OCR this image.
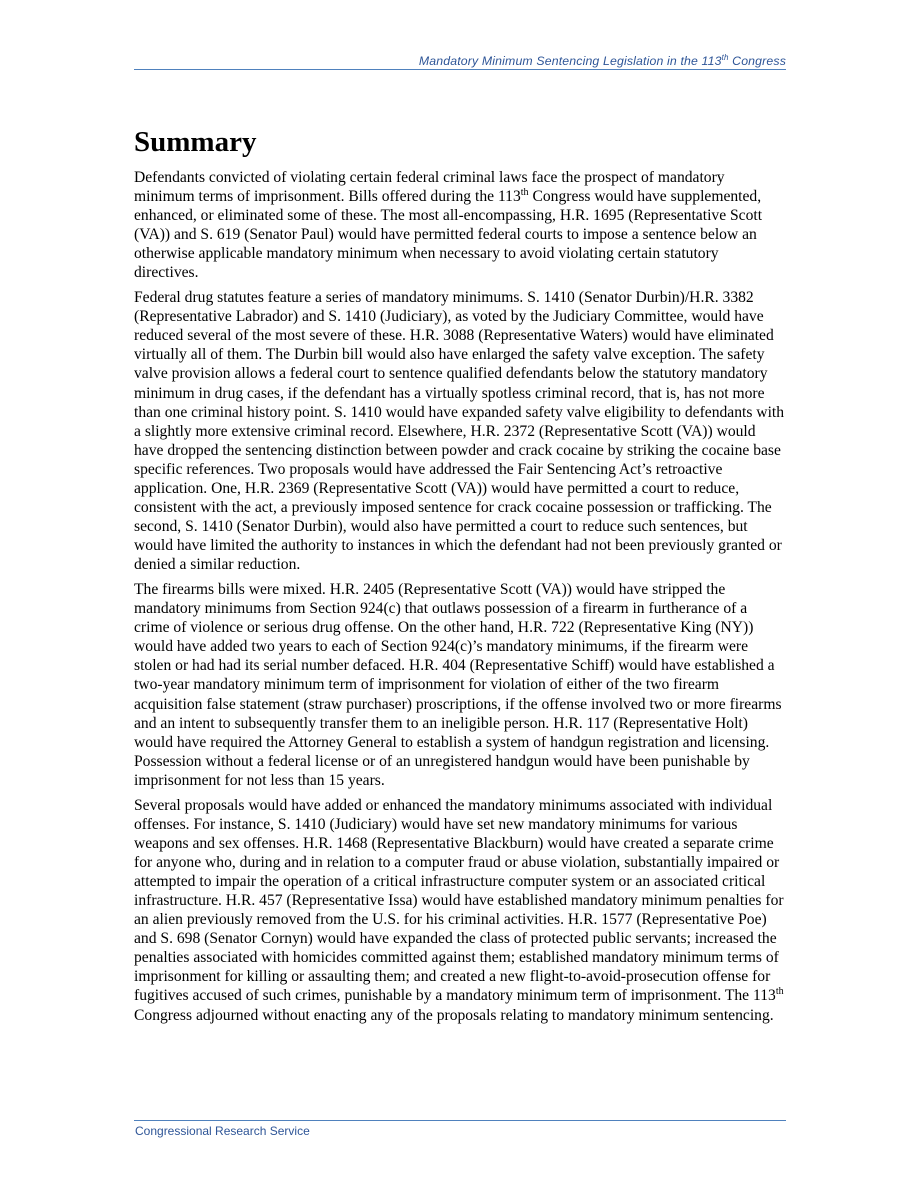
Mandatory Minimum Sentencing Legislation in the 113th Congress
Summary

Defendants convicted of violating certain federal criminal laws face the prospect of mandatory minimum terms of imprisonment. Bills offered during the 113th Congress would have supplemented, enhanced, or eliminated some of these. The most all-encompassing, H.R. 1695 (Representative Scott (VA)) and S. 619 (Senator Paul) would have permitted federal courts to impose a sentence below an otherwise applicable mandatory minimum when necessary to avoid violating certain statutory directives.

Federal drug statutes feature a series of mandatory minimums. S. 1410 (Senator Durbin)/H.R. 3382 (Representative Labrador) and S. 1410 (Judiciary), as voted by the Judiciary Committee, would have reduced several of the most severe of these. H.R. 3088 (Representative Waters) would have eliminated virtually all of them. The Durbin bill would also have enlarged the safety valve exception. The safety valve provision allows a federal court to sentence qualified defendants below the statutory mandatory minimum in drug cases, if the defendant has a virtually spotless criminal record, that is, has not more than one criminal history point. S. 1410 would have expanded safety valve eligibility to defendants with a slightly more extensive criminal record. Elsewhere, H.R. 2372 (Representative Scott (VA)) would have dropped the sentencing distinction between powder and crack cocaine by striking the cocaine base specific references. Two proposals would have addressed the Fair Sentencing Act’s retroactive application. One, H.R. 2369 (Representative Scott (VA)) would have permitted a court to reduce, consistent with the act, a previously imposed sentence for crack cocaine possession or trafficking. The second, S. 1410 (Senator Durbin), would also have permitted a court to reduce such sentences, but would have limited the authority to instances in which the defendant had not been previously granted or denied a similar reduction.

The firearms bills were mixed. H.R. 2405 (Representative Scott (VA)) would have stripped the mandatory minimums from Section 924(c) that outlaws possession of a firearm in furtherance of a crime of violence or serious drug offense. On the other hand, H.R. 722 (Representative King (NY)) would have added two years to each of Section 924(c)’s mandatory minimums, if the firearm were stolen or had had its serial number defaced. H.R. 404 (Representative Schiff) would have established a two-year mandatory minimum term of imprisonment for violation of either of the two firearm acquisition false statement (straw purchaser) proscriptions, if the offense involved two or more firearms and an intent to subsequently transfer them to an ineligible person. H.R. 117 (Representative Holt) would have required the Attorney General to establish a system of handgun registration and licensing. Possession without a federal license or of an unregistered handgun would have been punishable by imprisonment for not less than 15 years.

Several proposals would have added or enhanced the mandatory minimums associated with individual offenses. For instance, S. 1410 (Judiciary) would have set new mandatory minimums for various weapons and sex offenses. H.R. 1468 (Representative Blackburn) would have created a separate crime for anyone who, during and in relation to a computer fraud or abuse violation, substantially impaired or attempted to impair the operation of a critical infrastructure computer system or an associated critical infrastructure. H.R. 457 (Representative Issa) would have established mandatory minimum penalties for an alien previously removed from the U.S. for his criminal activities. H.R. 1577 (Representative Poe) and S. 698 (Senator Cornyn) would have expanded the class of protected public servants; increased the penalties associated with homicides committed against them; established mandatory minimum terms of imprisonment for killing or assaulting them; and created a new flight-to-avoid-prosecution offense for fugitives accused of such crimes, punishable by a mandatory minimum term of imprisonment. The 113th Congress adjourned without enacting any of the proposals relating to mandatory minimum sentencing.

Congressional Research Service
